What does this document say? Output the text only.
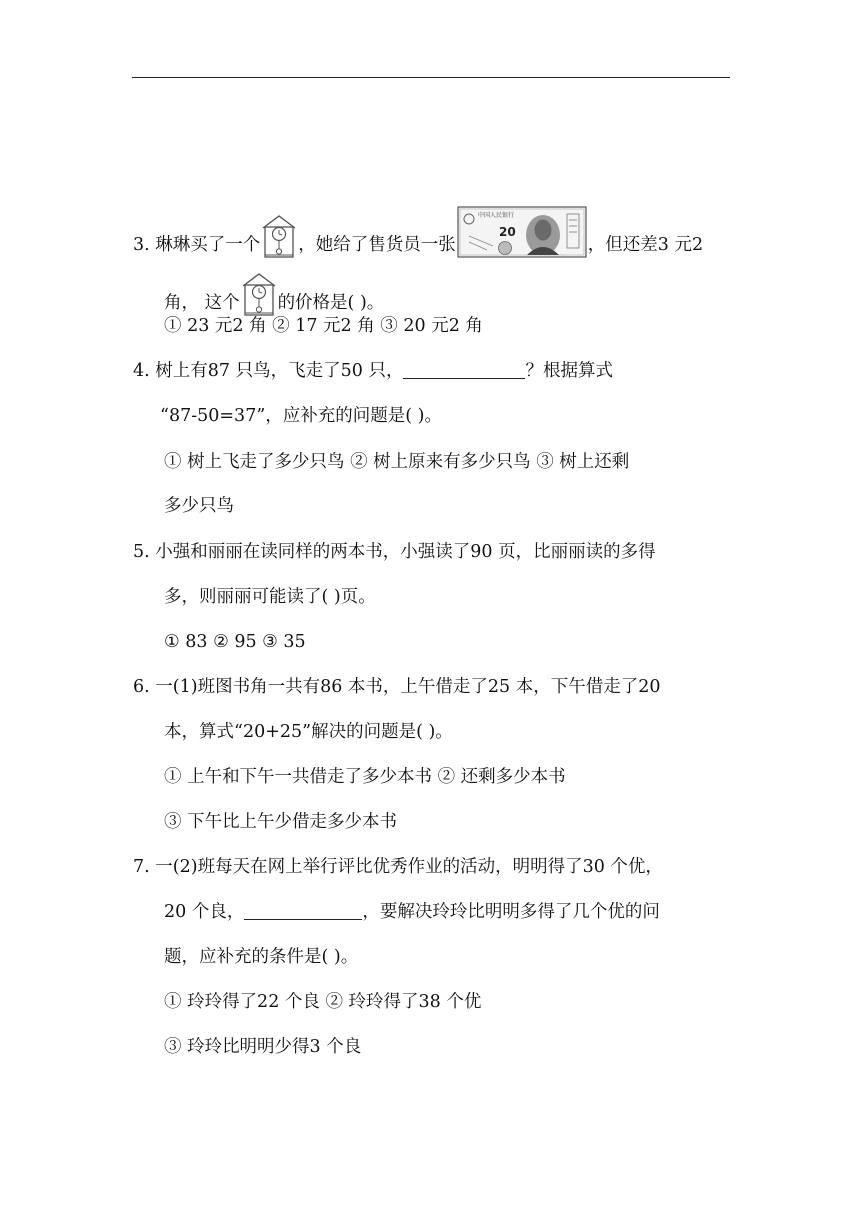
3. 琳琳买了一个 ，她给了售货员一张
中国人民银行
20
，但还差3 元2
角， 这个 的价格是( )。
① 23 元2 角 ② 17 元2 角 ③ 20 元2 角
4. 树上有87 只鸟，飞走了50 只，	？根据算式
“87-50=37”，应补充的问题是( )。
① 树上飞走了多少只鸟 ② 树上原来有多少只鸟 ③ 树上还剩
多少只鸟
5. 小强和丽丽在读同样的两本书，小强读了90 页，比丽丽读的多得
多，则丽丽可能读了( )页。
① 83 ② 95 ③ 35
6. 一(1)班图书角一共有86 本书，上午借走了25 本，下午借走了20
本，算式“20+25”解决的问题是( )。
① 上午和下午一共借走了多少本书 ② 还剩多少本书
③ 下午比上午少借走多少本书
7. 一(2)班每天在网上举行评比优秀作业的活动，明明得了30 个优，
20 个良，	，要解决玲玲比明明多得了几个优的问
题，应补充的条件是( )。
① 玲玲得了22 个良 ② 玲玲得了38 个优
③ 玲玲比明明少得3 个良
